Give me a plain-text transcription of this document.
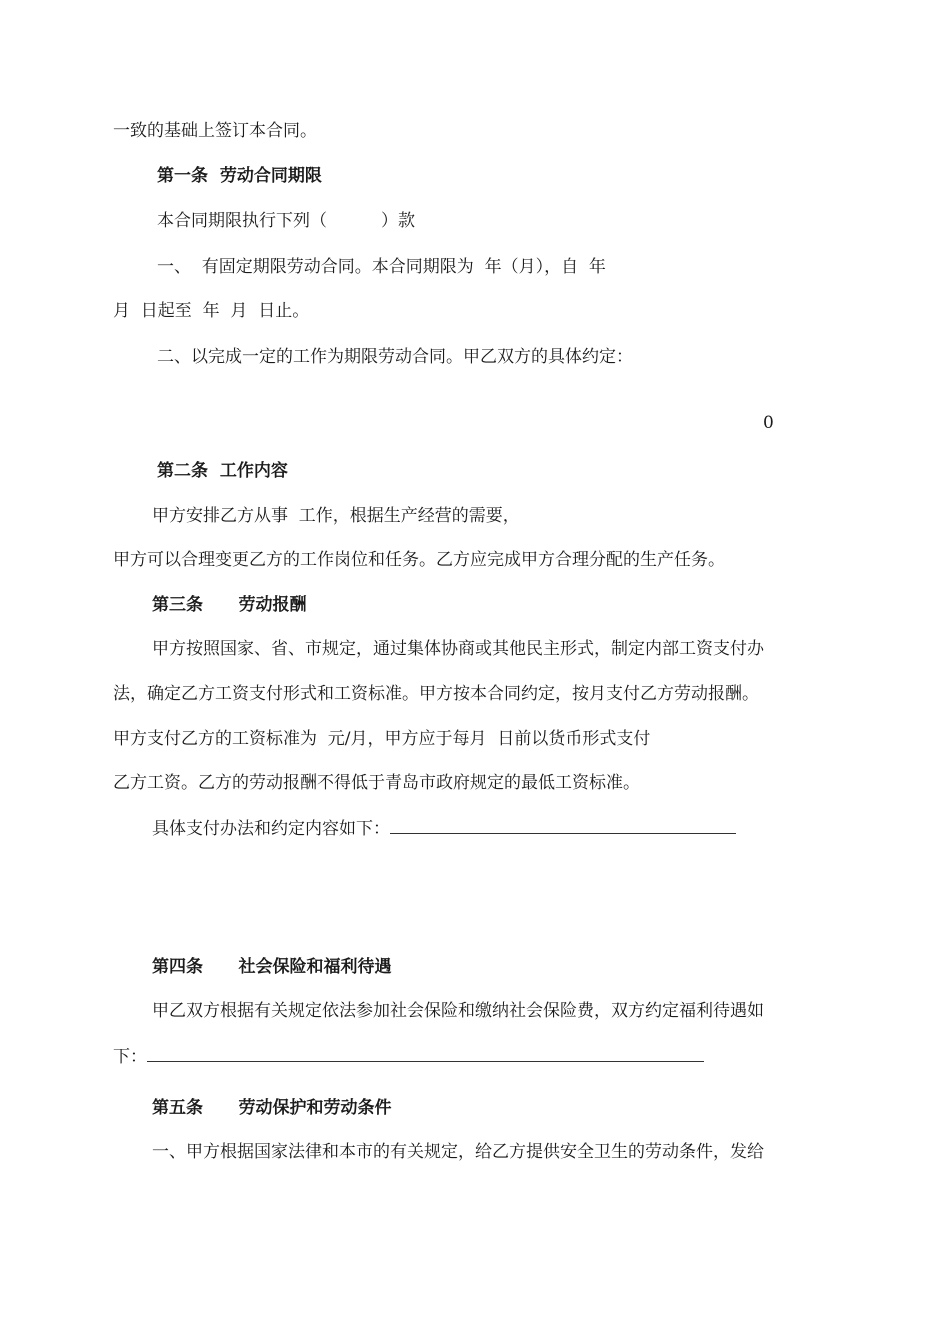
一致的基础上签订本合同。
第一条  劳动合同期限
本合同期限执行下列（          ）款
一、  有固定期限劳动合同。本合同期限为  年（月），自  年
月  日起至  年  月  日止。
二、以完成一定的工作为期限劳动合同。甲乙双方的具体约定：
0
第二条  工作内容
甲方安排乙方从事  工作，根据生产经营的需要，
甲方可以合理变更乙方的工作岗位和任务。乙方应完成甲方合理分配的生产任务。
第三条      劳动报酬
甲方按照国家、省、市规定，通过集体协商或其他民主形式，制定内部工资支付办
法，确定乙方工资支付形式和工资标准。甲方按本合同约定，按月支付乙方劳动报酬。
甲方支付乙方的工资标准为  元/月，甲方应于每月  日前以货币形式支付
乙方工资。乙方的劳动报酬不得低于青岛市政府规定的最低工资标准。
具体支付办法和约定内容如下：
第四条      社会保险和福利待遇
甲乙双方根据有关规定依法参加社会保险和缴纳社会保险费，双方约定福利待遇如
下：
第五条      劳动保护和劳动条件
一、甲方根据国家法律和本市的有关规定，给乙方提供安全卫生的劳动条件，发给
